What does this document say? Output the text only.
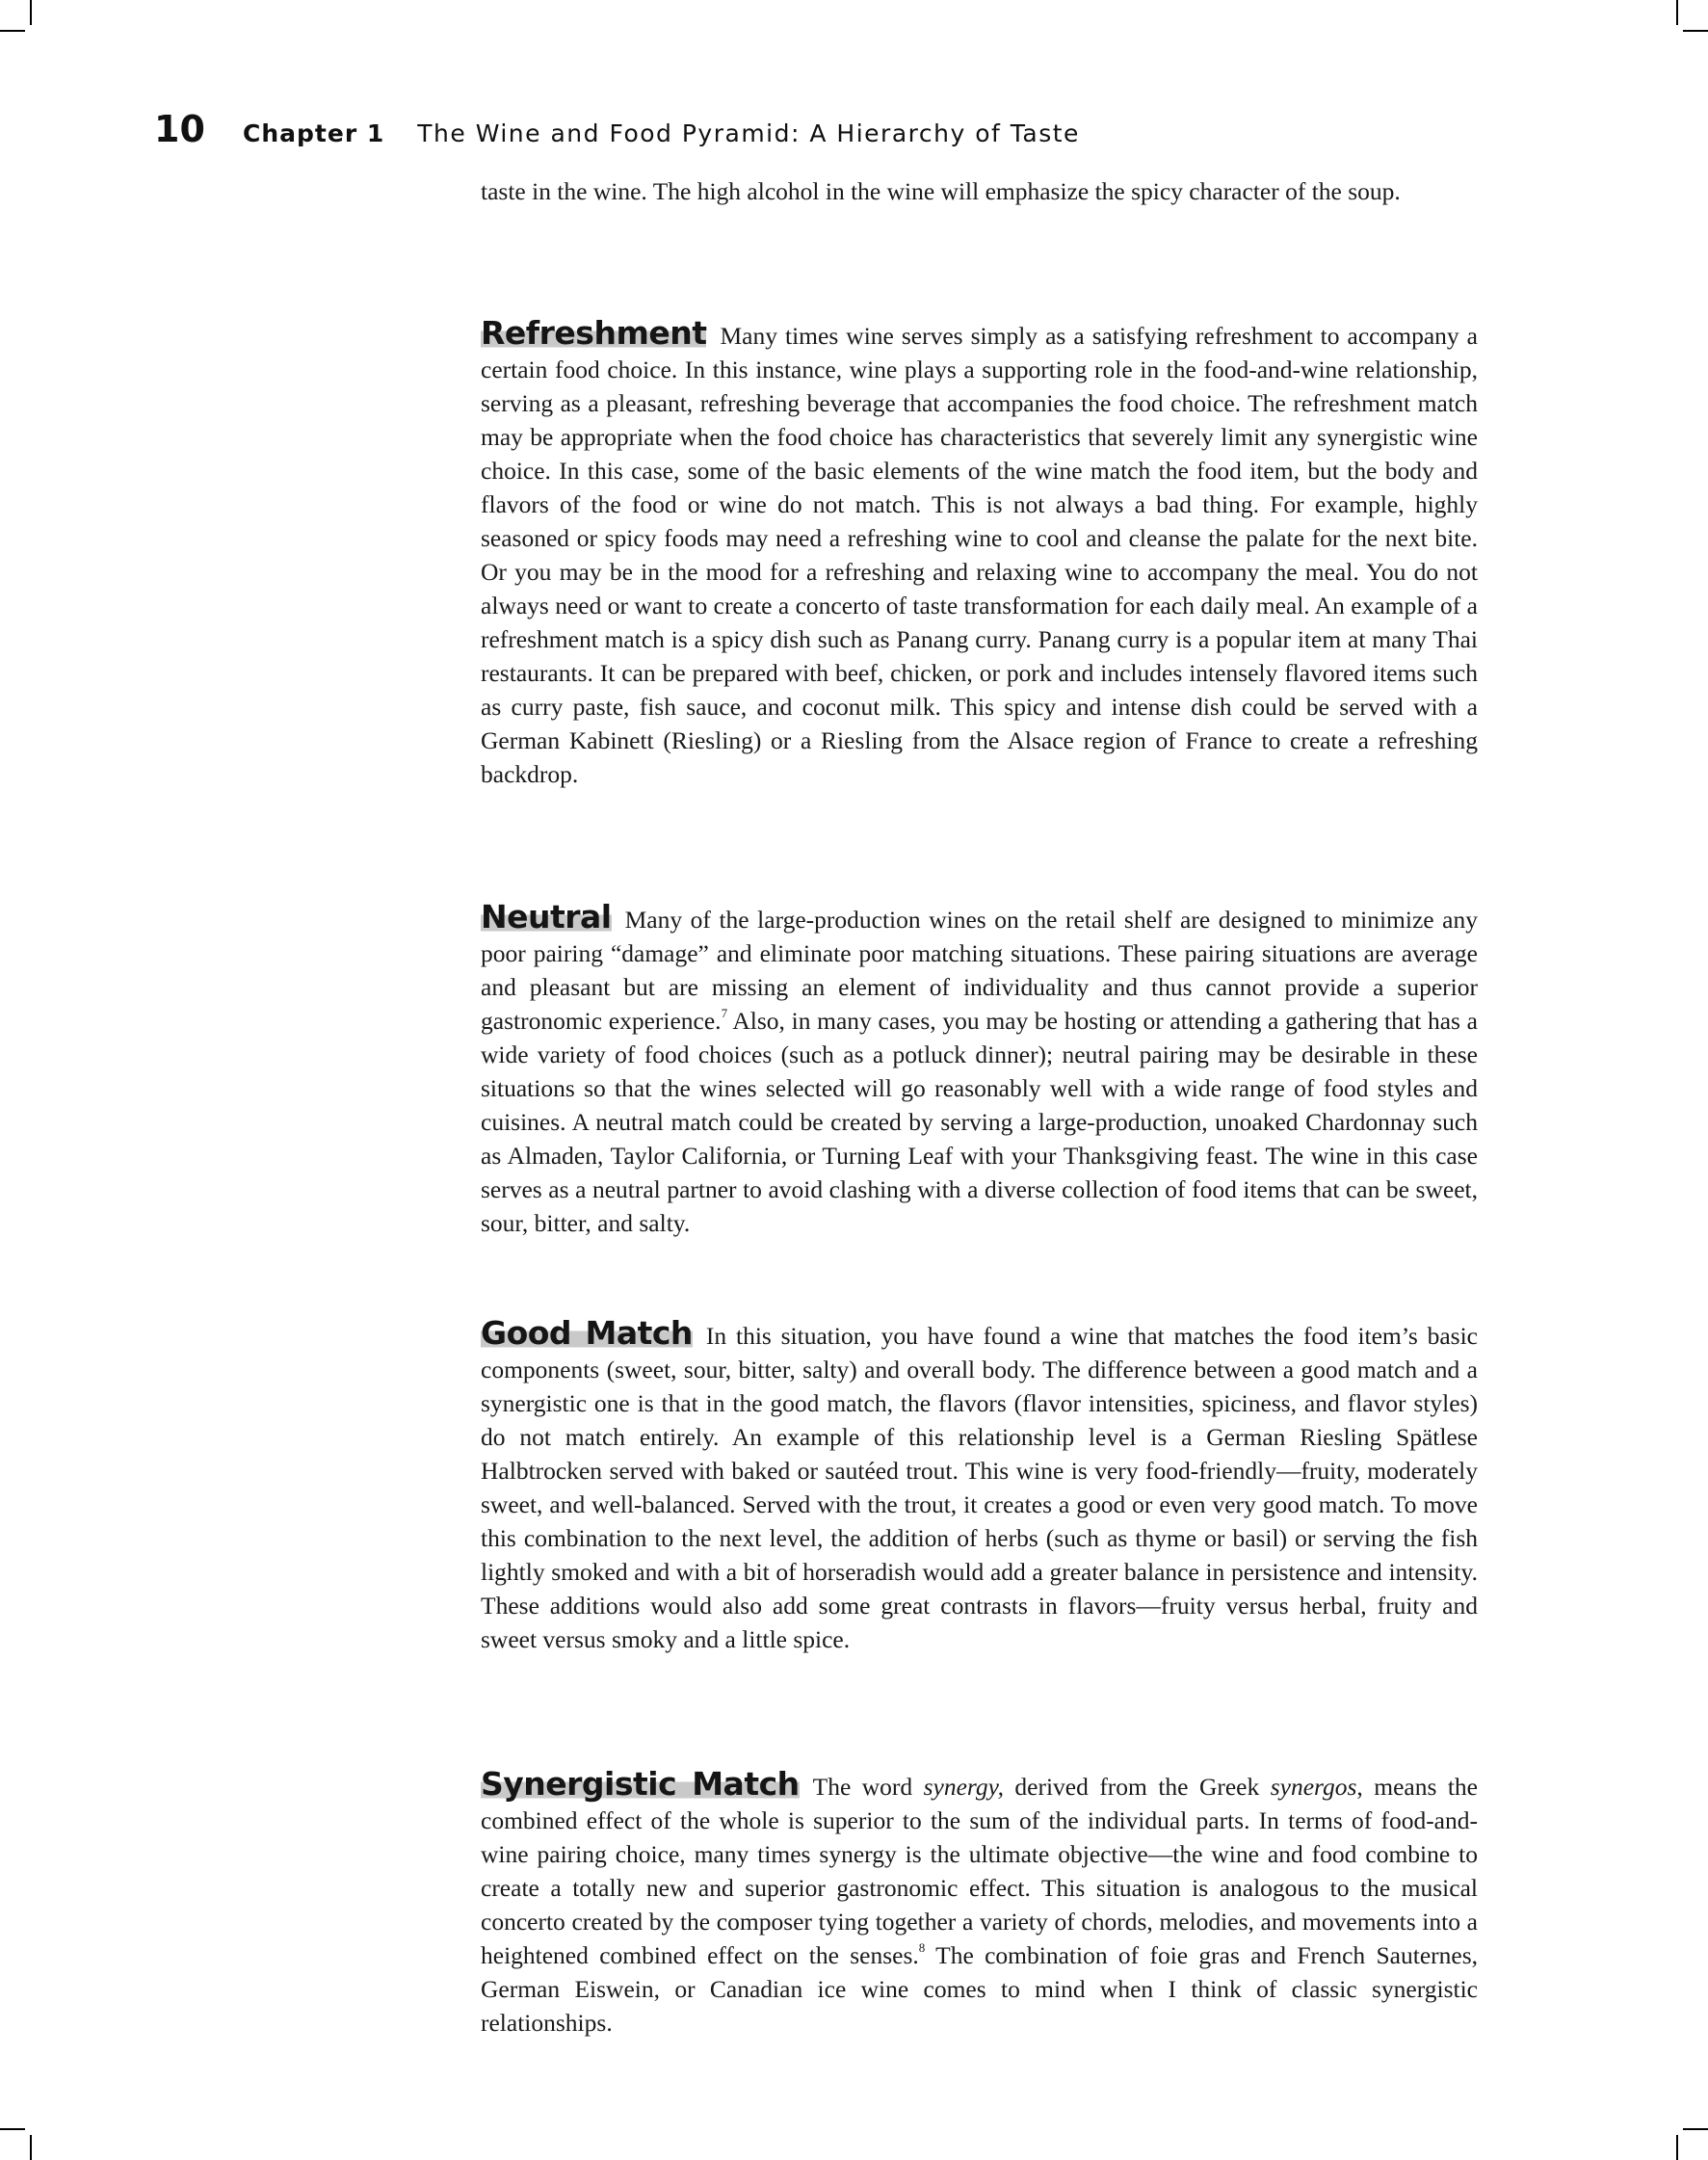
10	Chapter 1 The Wine and Food Pyramid: A Hierarchy of Taste

taste in the wine. The high alcohol in the wine will emphasize the spicy character of the soup.

Refreshment Many times wine serves simply as a satisfying refreshment to accompany a certain food choice. In this instance, wine plays a supporting role in the food-and-wine relationship, serving as a pleasant, refreshing beverage that accompanies the food choice. The refreshment match may be appropriate when the food choice has characteristics that severely limit any synergistic wine choice. In this case, some of the basic elements of the wine match the food item, but the body and flavors of the food or wine do not match. This is not always a bad thing. For example, highly seasoned or spicy foods may need a refreshing wine to cool and cleanse the palate for the next bite. Or you may be in the mood for a refreshing and relaxing wine to accompany the meal. You do not always need or want to create a concerto of taste transformation for each daily meal. An example of a refreshment match is a spicy dish such as Panang curry. Panang curry is a popular item at many Thai restaurants. It can be prepared with beef, chicken, or pork and includes intensely flavored items such as curry paste, fish sauce, and coconut milk. This spicy and intense dish could be served with a German Kabinett (Riesling) or a Riesling from the Alsace region of France to create a refreshing backdrop.

Neutral Many of the large-production wines on the retail shelf are designed to minimize any poor pairing “damage” and eliminate poor matching situations. These pairing situations are average and pleasant but are missing an element of individuality and thus cannot provide a superior gastronomic experience.$^7$ Also, in many cases, you may be hosting or attending a gathering that has a wide variety of food choices (such as a potluck dinner); neutral pairing may be desirable in these situations so that the wines selected will go reasonably well with a wide range of food styles and cuisines. A neutral match could be created by serving a large-production, unoaked Chardonnay such as Almaden, Taylor California, or Turning Leaf with your Thanksgiving feast. The wine in this case serves as a neutral partner to avoid clashing with a diverse collection of food items that can be sweet, sour, bitter, and salty.

Good Match In this situation, you have found a wine that matches the food item’s basic components (sweet, sour, bitter, salty) and overall body. The difference between a good match and a synergistic one is that in the good match, the flavors (flavor intensities, spiciness, and flavor styles) do not match entirely. An example of this relationship level is a German Riesling Spätlese Halbtrocken served with baked or sautéed trout. This wine is very food-friendly—fruity, moderately sweet, and well-balanced. Served with the trout, it creates a good or even very good match. To move this combination to the next level, the addition of herbs (such as thyme or basil) or serving the fish lightly smoked and with a bit of horseradish would add a greater balance in persistence and intensity. These additions would also add some great contrasts in flavors—fruity versus herbal, fruity and sweet versus smoky and a little spice.

Synergistic Match The word synergy, derived from the Greek synergos, means the combined effect of the whole is superior to the sum of the individual parts. In terms of food-and-wine pairing choice, many times synergy is the ultimate objective—the wine and food combine to create a totally new and superior gastronomic effect. This situation is analogous to the musical concerto created by the composer tying together a variety of chords, melodies, and movements into a heightened combined effect on the senses.$^8$ The combination of foie gras and French Sauternes, German Eiswein, or Canadian ice wine comes to mind when I think of classic synergistic relationships.
